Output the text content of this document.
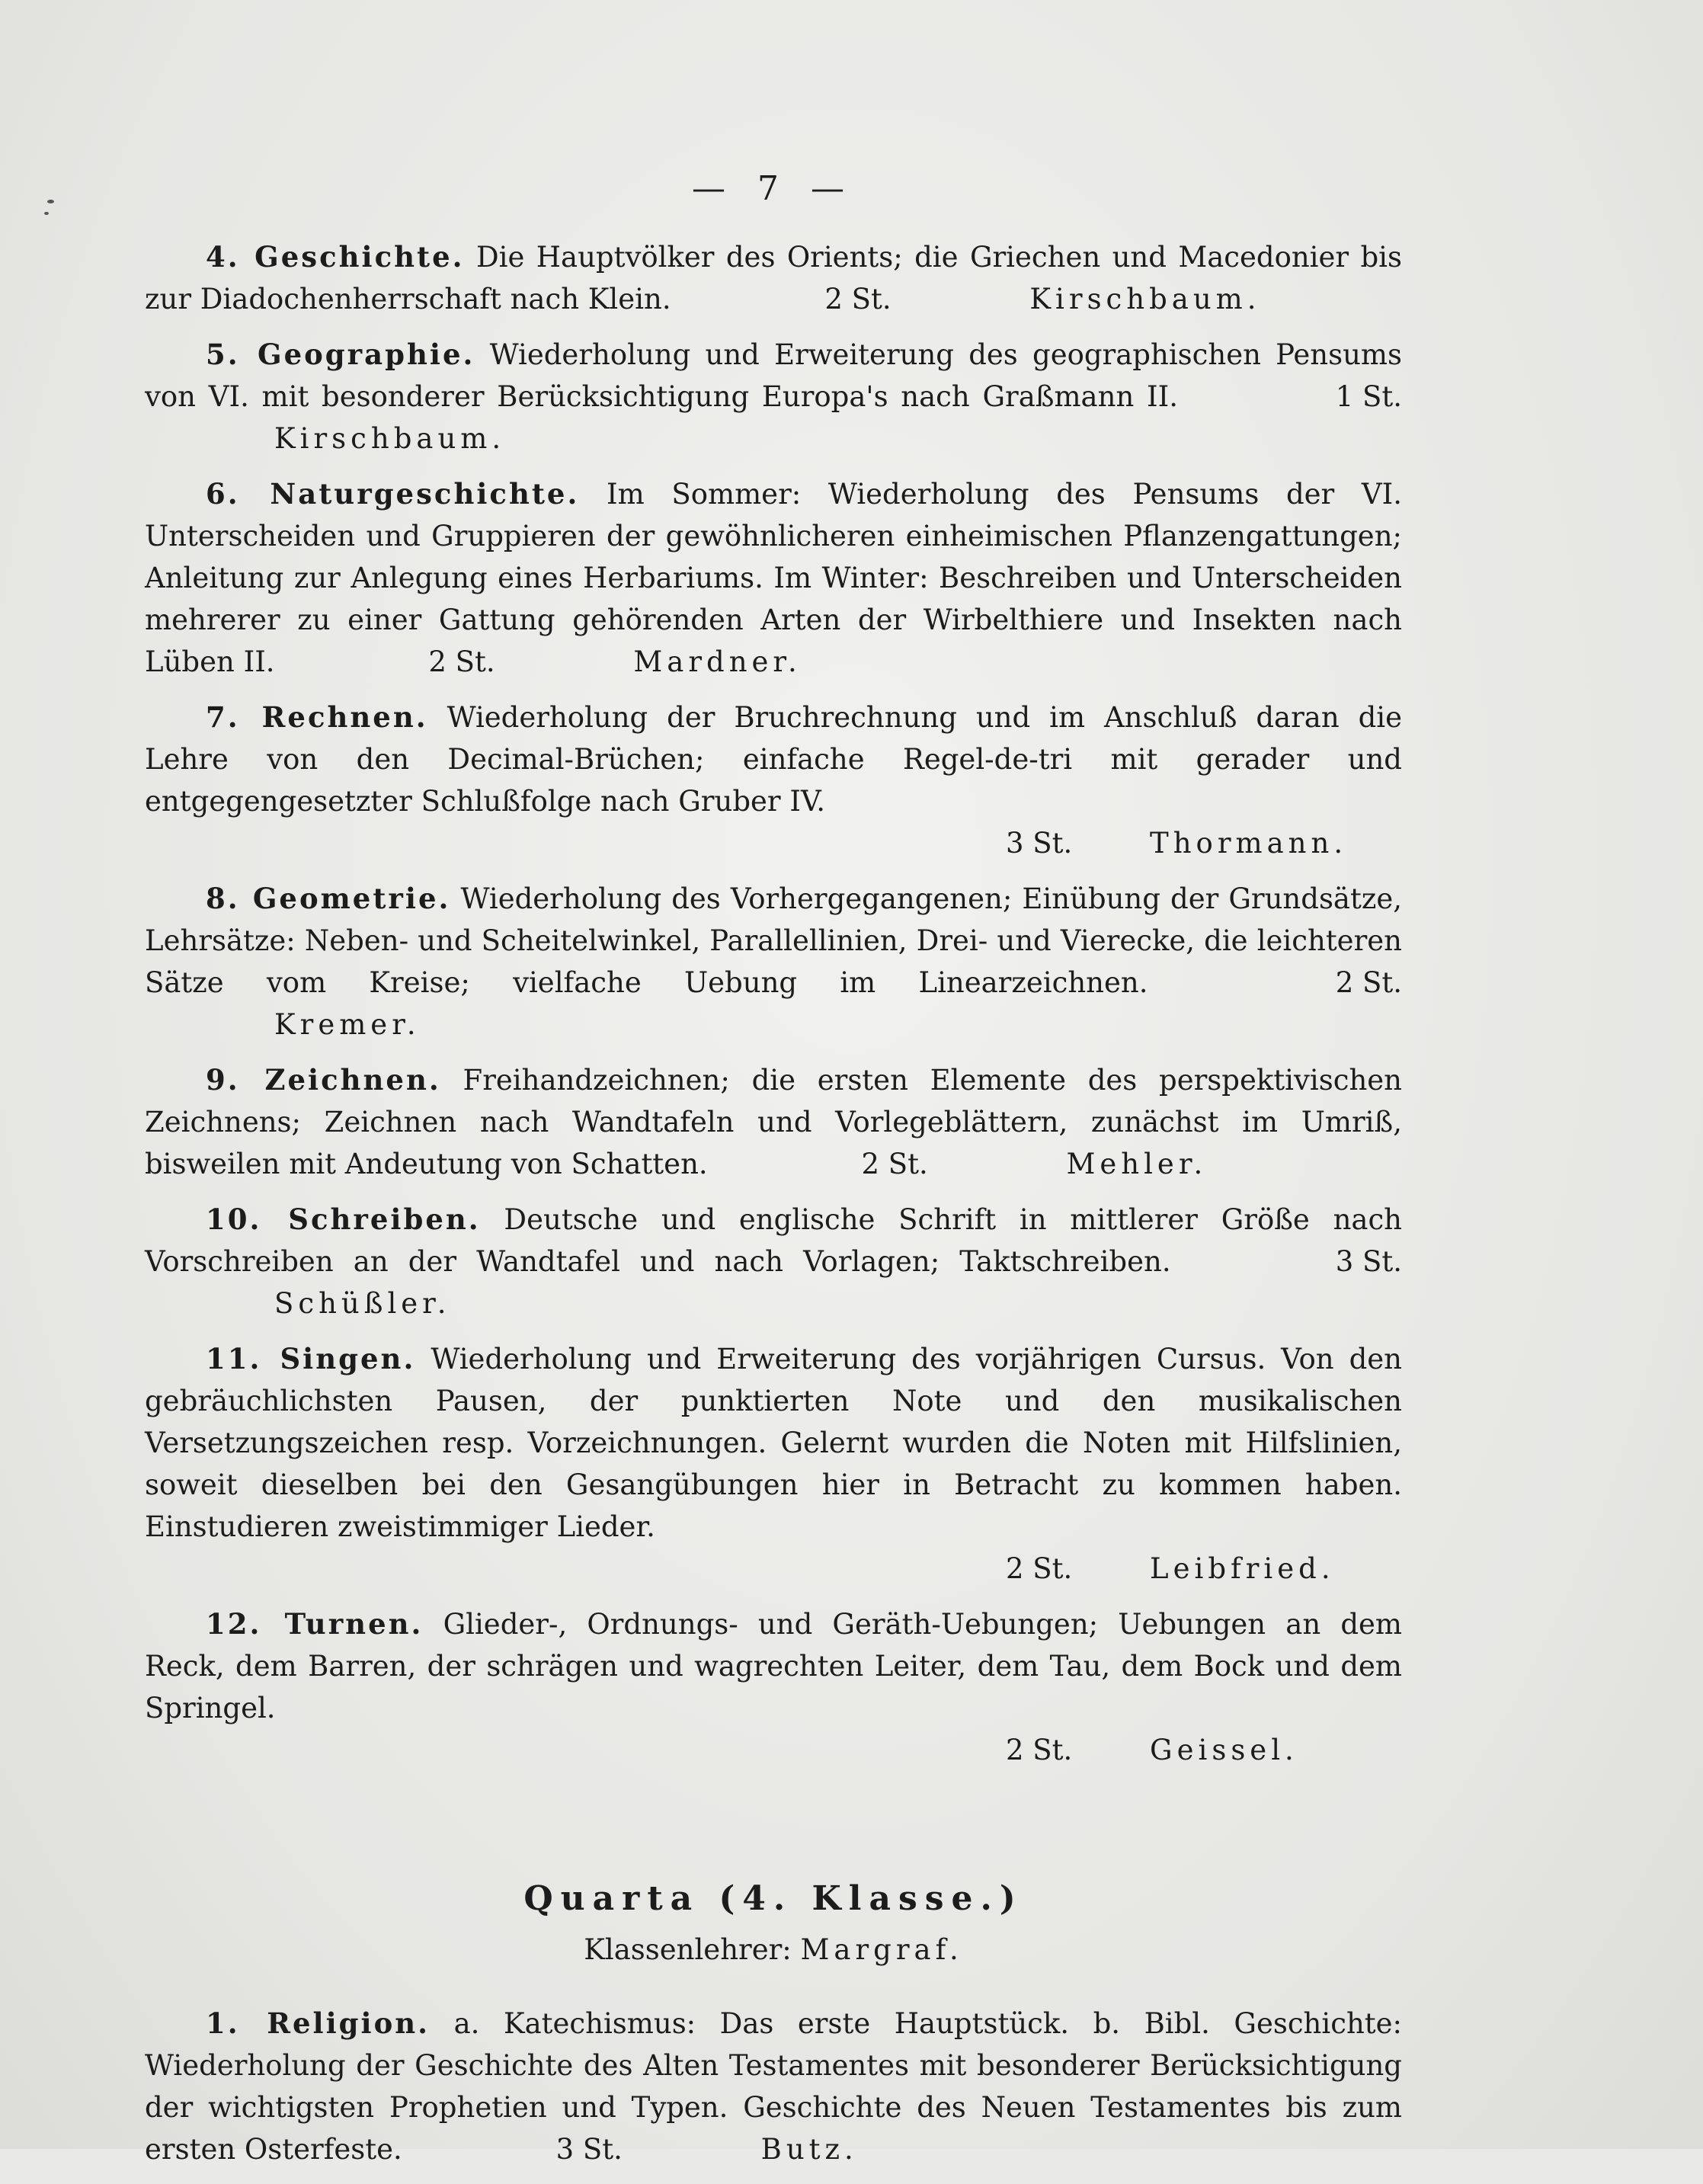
— 7 —

4. Geschichte. Die Hauptvölker des Orients; die Griechen und Macedonier bis zur Diadochenherrschaft nach Klein.	2 St.	Kirschbaum.

5. Geographie. Wiederholung und Erweiterung des geographischen Pensums von VI. mit besonderer Berücksichtigung Europa's nach Graßmann II.	1 St. Kirschbaum.

6. Naturgeschichte. Im Sommer: Wiederholung des Pensums der VI. Unterscheiden und Gruppieren der gewöhnlicheren einheimischen Pflanzengattungen; Anleitung zur Anlegung eines Herbariums. Im Winter: Beschreiben und Unterscheiden mehrerer zu einer Gattung gehörenden Arten der Wirbelthiere und Insekten nach Lüben II.	2 St.	Mardner.

7. Rechnen. Wiederholung der Bruchrechnung und im Anschluß daran die Lehre von den Decimal-Brüchen; einfache Regel-de-tri mit gerader und entgegengesetzter Schlußfolge nach Gruber IV.
3 St.	Thormann.

8. Geometrie. Wiederholung des Vorhergegangenen; Einübung der Grundsätze, Lehrsätze: Neben- und Scheitelwinkel, Parallellinien, Drei- und Vierecke, die leichteren Sätze vom Kreise; vielfache Uebung im Linearzeichnen.	2 St. Kremer.

9. Zeichnen. Freihandzeichnen; die ersten Elemente des perspektivischen Zeichnens; Zeichnen nach Wandtafeln und Vorlegeblättern, zunächst im Umriß, bisweilen mit Andeutung von Schatten.	2 St.	Mehler.

10. Schreiben. Deutsche und englische Schrift in mittlerer Größe nach Vorschreiben an der Wandtafel und nach Vorlagen; Taktschreiben.	3 St. Schüßler.

11. Singen. Wiederholung und Erweiterung des vorjährigen Cursus. Von den gebräuchlichsten Pausen, der punktierten Note und den musikalischen Versetzungszeichen resp. Vorzeichnungen. Gelernt wurden die Noten mit Hilfslinien, soweit dieselben bei den Gesangübungen hier in Betracht zu kommen haben. Einstudieren zweistimmiger Lieder.
2 St.	Leibfried.

12. Turnen. Glieder-, Ordnungs- und Geräth-Uebungen; Uebungen an dem Reck, dem Barren, der schrägen und wagrechten Leiter, dem Tau, dem Bock und dem Springel.
2 St.	Geissel.

Quarta (4. Klasse.)
Klassenlehrer: Margraf.

1. Religion. a. Katechismus: Das erste Hauptstück. b. Bibl. Geschichte: Wiederholung der Geschichte des Alten Testamentes mit besonderer Berücksichtigung der wichtigsten Prophetien und Typen. Geschichte des Neuen Testamentes bis zum ersten Osterfeste.	3 St.	Butz.
